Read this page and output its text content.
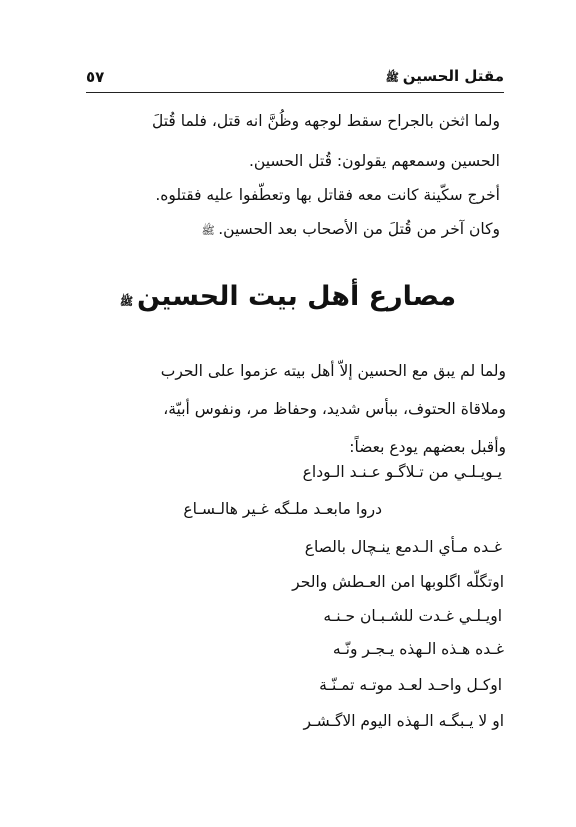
مقتل الحسين ﷺ
٥٧
ولما اثخن بالجراح سقط لوجهه وظُنَّ انه قتل، فلما قُتلَ
الحسين وسمعهم يقولون: قُتل الحسين.
أخرج سكّينة كانت معه فقاتل بها وتعطّفوا عليه فقتلوه.
وكان آخر من قُتلَ من الأصحاب بعد الحسين. ﷺ
مصارع أهل بيت الحسين ﷺ
ولما لم يبق مع الحسين إلاّ أهل بيته عزموا على الحرب
وملاقاة الحتوف، ببأس شديد، وحفاظ مر، ونفوس أبيّة،
وأقبل بعضهم يودع بعضاً:
يـويـلـي من تـلاگـو عـنـد الـوداع
دروا مابعـد ملـگه غـير هالـسـاع
غـده مـأي الـدمع ينـچال بالصاع
اوتگلّه اگلوبها امن العـطش والحر
اويـلـي غـدت للشـبـان حـنـه
غـده هـذه الـهذه يـجـر ونّـه
اوكـل واحـد لعـد موتـه تمـنّـة
او لا يـبگـه الـهذه اليوم الاگـشـر
